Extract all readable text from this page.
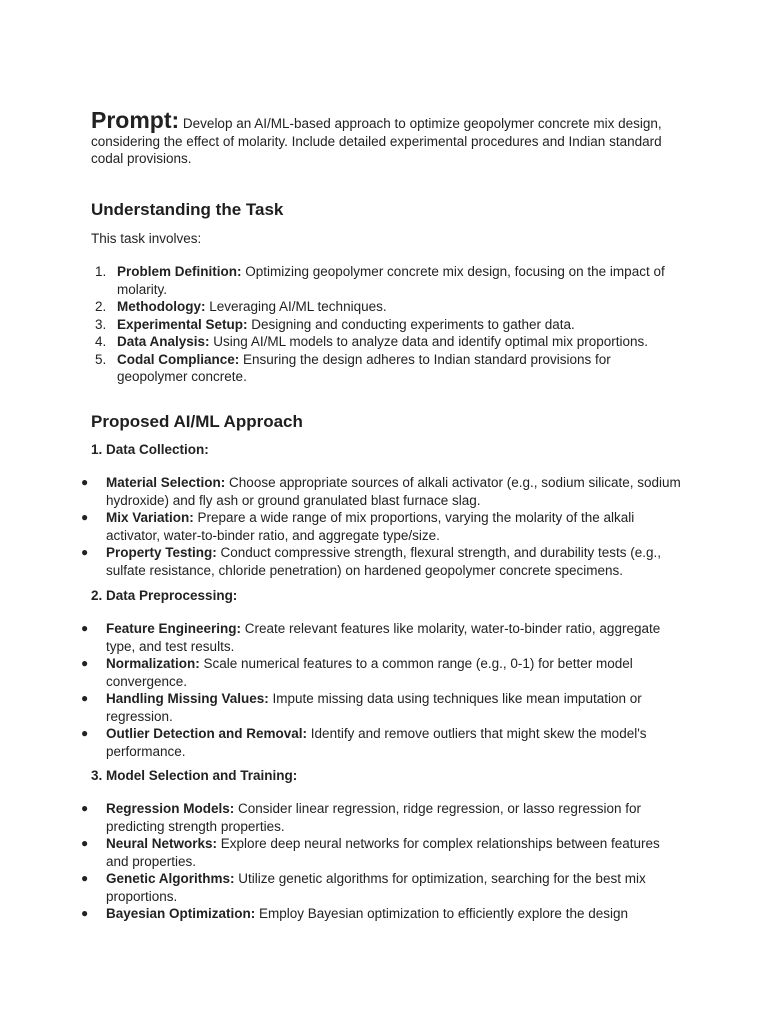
Prompt: Develop an AI/ML-based approach to optimize geopolymer concrete mix design, considering the effect of molarity. Include detailed experimental procedures and Indian standard codal provisions.
Understanding the Task
This task involves:
1. Problem Definition: Optimizing geopolymer concrete mix design, focusing on the impact of molarity.
2. Methodology: Leveraging AI/ML techniques.
3. Experimental Setup: Designing and conducting experiments to gather data.
4. Data Analysis: Using AI/ML models to analyze data and identify optimal mix proportions.
5. Codal Compliance: Ensuring the design adheres to Indian standard provisions for geopolymer concrete.
Proposed AI/ML Approach
1. Data Collection:
● Material Selection: Choose appropriate sources of alkali activator (e.g., sodium silicate, sodium hydroxide) and fly ash or ground granulated blast furnace slag.
● Mix Variation: Prepare a wide range of mix proportions, varying the molarity of the alkali activator, water-to-binder ratio, and aggregate type/size.
● Property Testing: Conduct compressive strength, flexural strength, and durability tests (e.g., sulfate resistance, chloride penetration) on hardened geopolymer concrete specimens.
2. Data Preprocessing:
● Feature Engineering: Create relevant features like molarity, water-to-binder ratio, aggregate type, and test results.
● Normalization: Scale numerical features to a common range (e.g., 0-1) for better model convergence.
● Handling Missing Values: Impute missing data using techniques like mean imputation or regression.
● Outlier Detection and Removal: Identify and remove outliers that might skew the model's performance.
3. Model Selection and Training:
● Regression Models: Consider linear regression, ridge regression, or lasso regression for predicting strength properties.
● Neural Networks: Explore deep neural networks for complex relationships between features and properties.
● Genetic Algorithms: Utilize genetic algorithms for optimization, searching for the best mix proportions.
● Bayesian Optimization: Employ Bayesian optimization to efficiently explore the design
